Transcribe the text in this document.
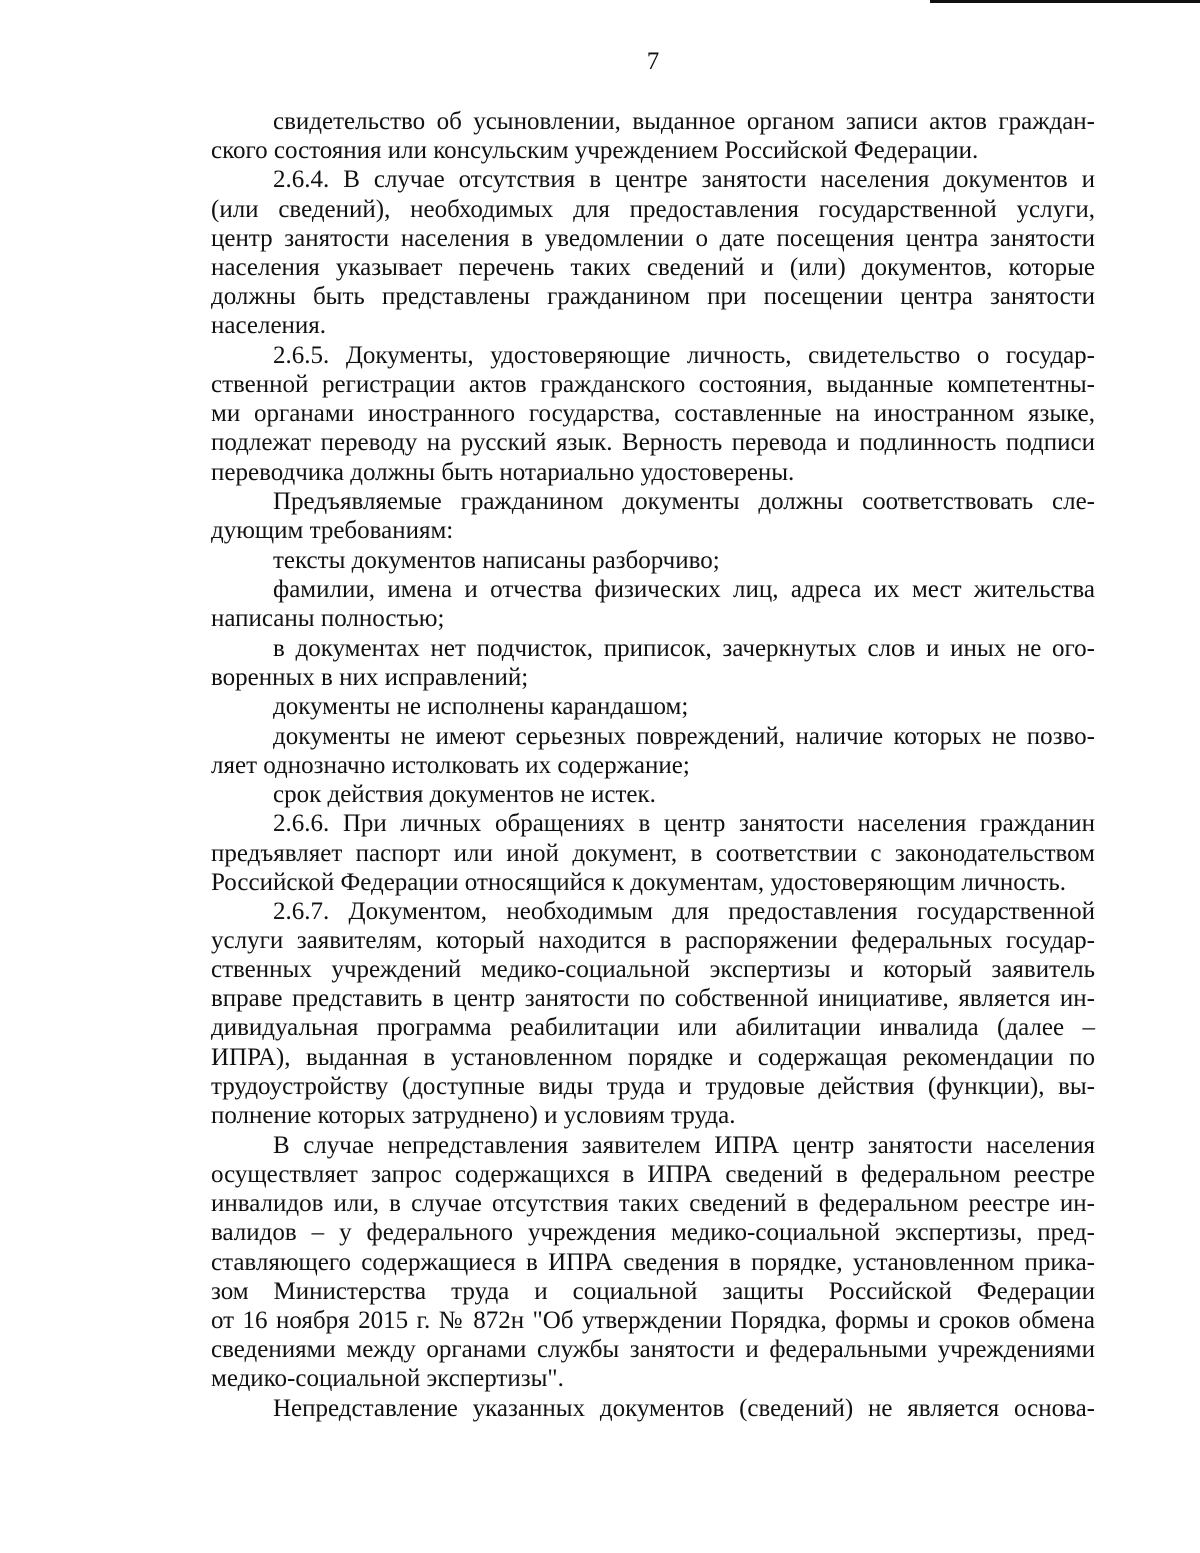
7
свидетельство об усыновлении, выданное органом записи актов граждан-
ского состояния или консульским учреждением Российской Федерации.
2.6.4. В случае отсутствия в центре занятости населения документов и
(или сведений), необходимых для предоставления государственной услуги,
центр занятости населения в уведомлении о дате посещения центра занятости
населения указывает перечень таких сведений и (или) документов, которые
должны быть представлены гражданином при посещении центра занятости
населения.
2.6.5. Документы, удостоверяющие личность, свидетельство о государ-
ственной регистрации актов гражданского состояния, выданные компетентны-
ми органами иностранного государства, составленные на иностранном языке,
подлежат переводу на русский язык. Верность перевода и подлинность подписи
переводчика должны быть нотариально удостоверены.
Предъявляемые гражданином документы должны соответствовать сле-
дующим требованиям:
тексты документов написаны разборчиво;
фамилии, имена и отчества физических лиц, адреса их мест жительства
написаны полностью;
в документах нет подчисток, приписок, зачеркнутых слов и иных не ого-
воренных в них исправлений;
документы не исполнены карандашом;
документы не имеют серьезных повреждений, наличие которых не позво-
ляет однозначно истолковать их содержание;
срок действия документов не истек.
2.6.6. При личных обращениях в центр занятости населения гражданин
предъявляет паспорт или иной документ, в соответствии с законодательством
Российской Федерации относящийся к документам, удостоверяющим личность.
2.6.7. Документом, необходимым для предоставления государственной
услуги заявителям, который находится в распоряжении федеральных государ-
ственных учреждений медико-социальной экспертизы и который заявитель
вправе представить в центр занятости по собственной инициативе, является ин-
дивидуальная программа реабилитации или абилитации инвалида (далее –
ИПРА), выданная в установленном порядке и содержащая рекомендации по
трудоустройству (доступные виды труда и трудовые действия (функции), вы-
полнение которых затруднено) и условиям труда.
В случае непредставления заявителем ИПРА центр занятости населения
осуществляет запрос содержащихся в ИПРА сведений в федеральном реестре
инвалидов или, в случае отсутствия таких сведений в федеральном реестре ин-
валидов – у федерального учреждения медико-социальной экспертизы, пред-
ставляющего содержащиеся в ИПРА сведения в порядке, установленном прика-
зом Министерства труда и социальной защиты Российской Федерации
от 16 ноября 2015 г. № 872н "Об утверждении Порядка, формы и сроков обмена
сведениями между органами службы занятости и федеральными учреждениями
медико-социальной экспертизы".
Непредставление указанных документов (сведений) не является основа-
